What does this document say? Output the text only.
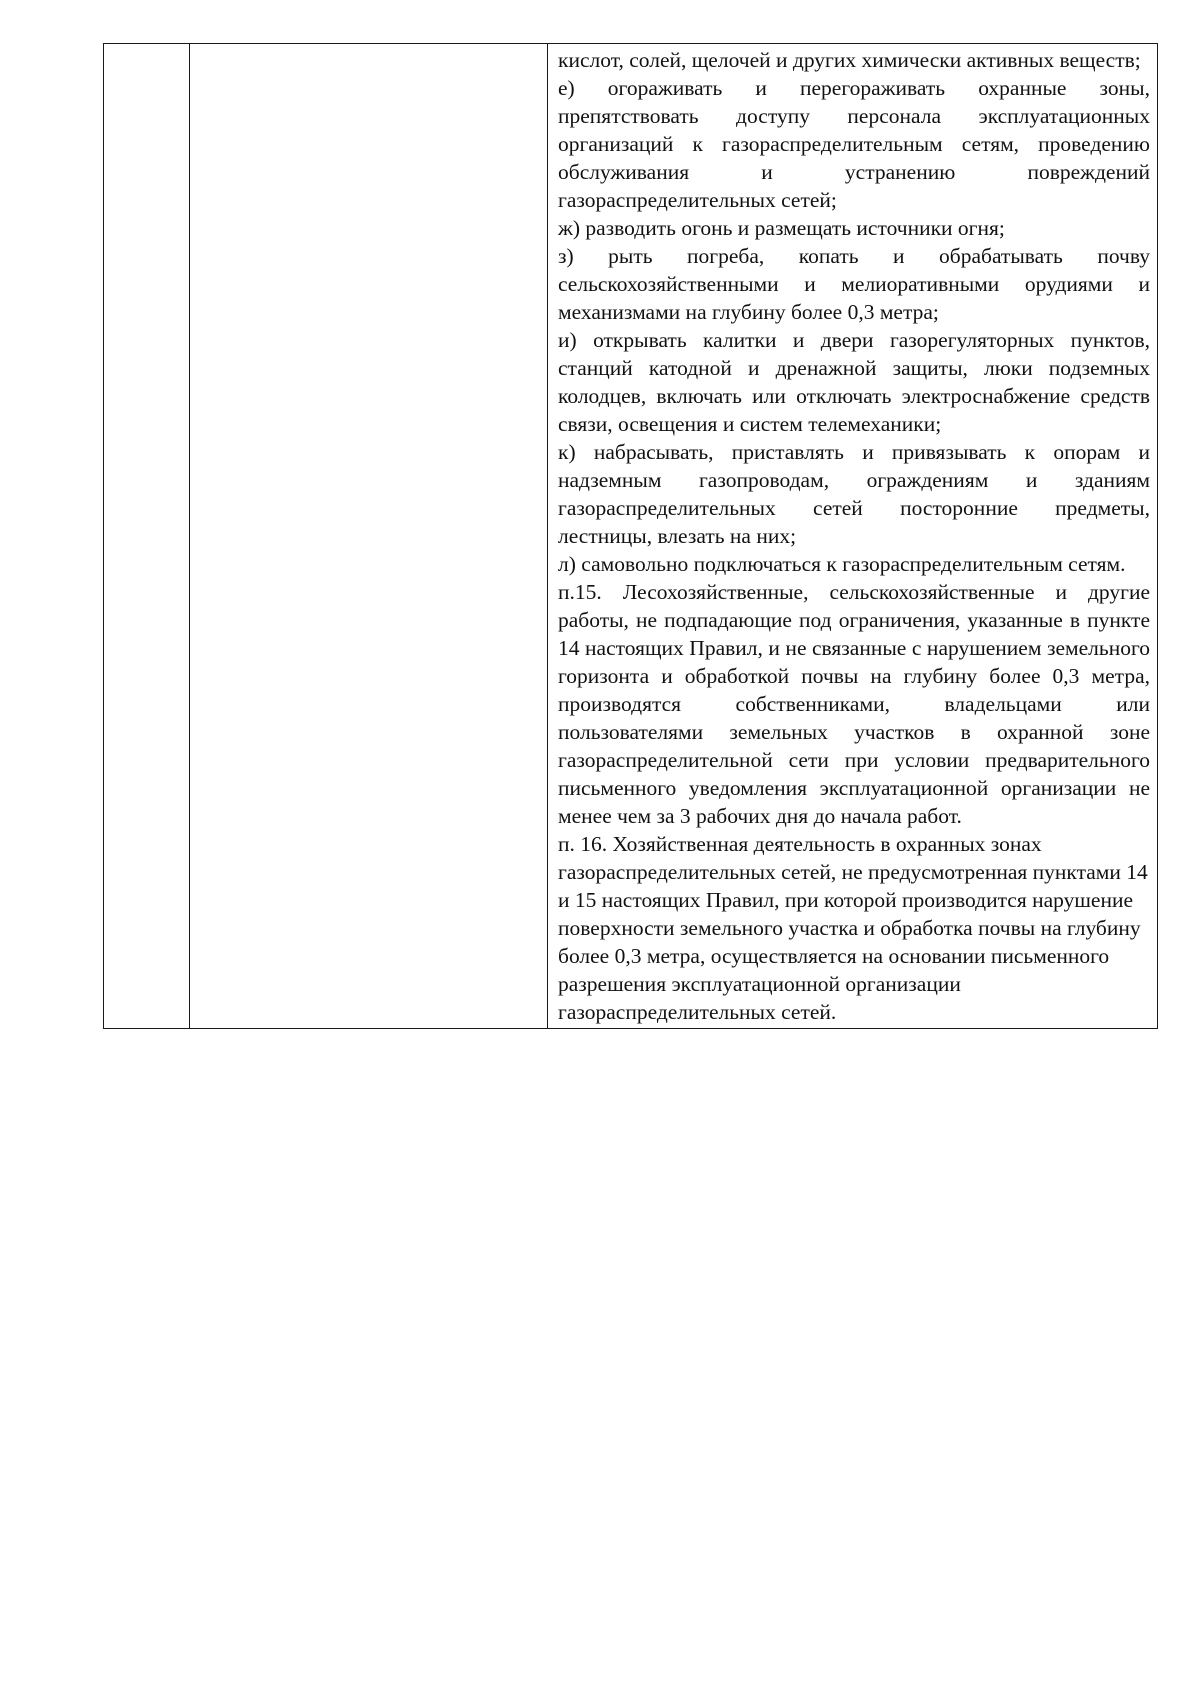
кислот, солей, щелочей и других химически активных веществ;

е) огораживать и перегораживать охранные зоны, препятствовать доступу персонала эксплуатационных организаций к газораспределительным сетям, проведению обслуживания и устранению повреждений газораспределительных сетей;

ж) разводить огонь и размещать источники огня;

з) рыть погреба, копать и обрабатывать почву сельскохозяйственными и мелиоративными орудиями и механизмами на глубину более 0,3 метра;

и) открывать калитки и двери газорегуляторных пунктов, станций катодной и дренажной защиты, люки подземных колодцев, включать или отключать электроснабжение средств связи, освещения и систем телемеханики;

к) набрасывать, приставлять и привязывать к опорам и надземным газопроводам, ограждениям и зданиям газораспределительных сетей посторонние предметы, лестницы, влезать на них;

л) самовольно подключаться к газораспределительным сетям.

п.15. Лесохозяйственные, сельскохозяйственные и другие работы, не подпадающие под ограничения, указанные в пункте 14 настоящих Правил, и не связанные с нарушением земельного горизонта и обработкой почвы на глубину более 0,3 метра, производятся собственниками, владельцами или пользователями земельных участков в охранной зоне газораспределительной сети при условии предварительного письменного уведомления эксплуатационной организации не менее чем за 3 рабочих дня до начала работ.

п. 16. Хозяйственная деятельность в охранных зонах газораспределительных сетей, не предусмотренная пунктами 14 и 15 настоящих Правил, при которой производится нарушение поверхности земельного участка и обработка почвы на глубину более 0,3 метра, осуществляется на основании письменного разрешения эксплуатационной организации газораспределительных сетей.
